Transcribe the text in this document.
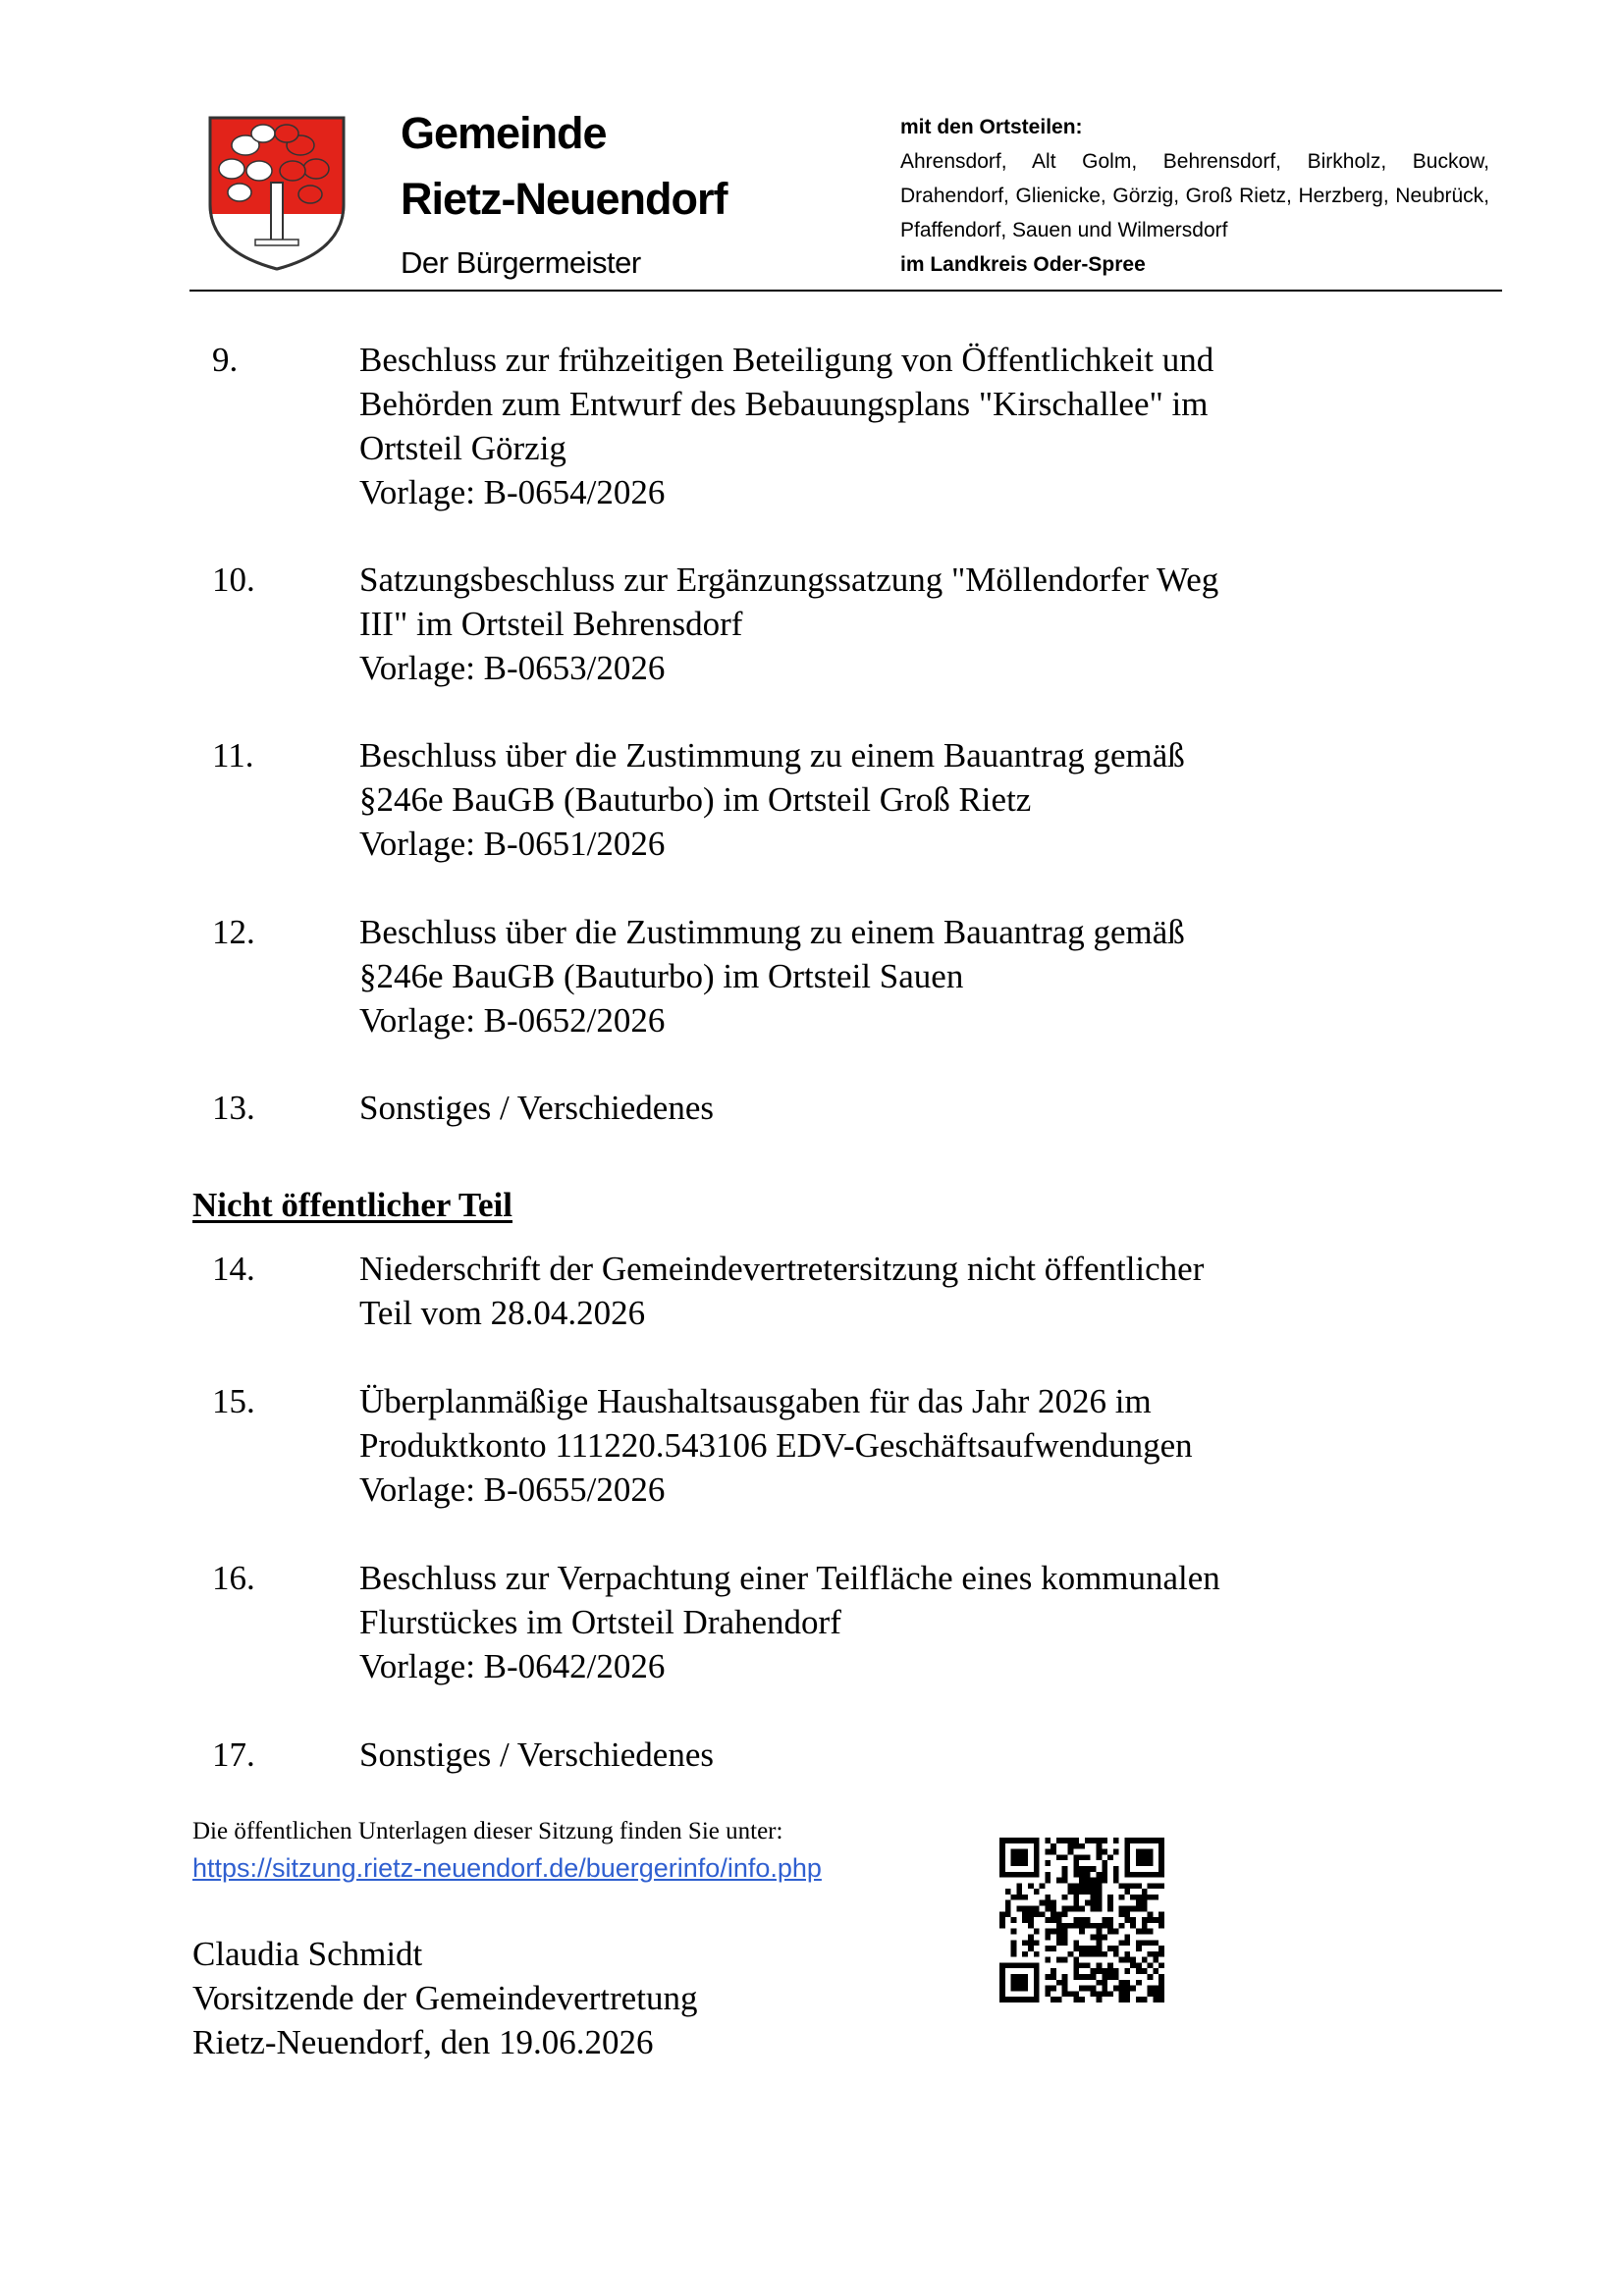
Gemeinde
Rietz-Neuendorf
Der Bürgermeister
mit den Ortsteilen:
Ahrensdorf, Alt Golm, Behrensdorf, Birkholz, Buckow,
Drahendorf, Glienicke, Görzig, Groß Rietz, Herzberg, Neubrück,
Pfaffendorf, Sauen und Wilmersdorf
im Landkreis Oder-Spree
9.	Beschluss zur frühzeitigen Beteiligung von Öffentlichkeit und
Behörden zum Entwurf des Bebauungsplans "Kirschallee" im
Ortsteil Görzig
Vorlage: B-0654/2026
10.	Satzungsbeschluss zur Ergänzungssatzung "Möllendorfer Weg
III" im Ortsteil Behrensdorf
Vorlage: B-0653/2026
11.	Beschluss über die Zustimmung zu einem Bauantrag gemäß
§246e BauGB (Bauturbo) im Ortsteil Groß Rietz
Vorlage: B-0651/2026
12.	Beschluss über die Zustimmung zu einem Bauantrag gemäß
§246e BauGB (Bauturbo) im Ortsteil Sauen
Vorlage: B-0652/2026
13.	Sonstiges / Verschiedenes
Nicht öffentlicher Teil
14.	Niederschrift der Gemeindevertretersitzung nicht öffentlicher
Teil vom 28.04.2026
15.	Überplanmäßige Haushaltsausgaben für das Jahr 2026 im
Produktkonto 111220.543106 EDV-Geschäftsaufwendungen
Vorlage: B-0655/2026
16.	Beschluss zur Verpachtung einer Teilfläche eines kommunalen
Flurstückes im Ortsteil Drahendorf
Vorlage: B-0642/2026
17.	Sonstiges / Verschiedenes
Die öffentlichen Unterlagen dieser Sitzung finden Sie unter:
https://sitzung.rietz-neuendorf.de/buergerinfo/info.php
Claudia Schmidt
Vorsitzende der Gemeindevertretung
Rietz-Neuendorf, den 19.06.2026
